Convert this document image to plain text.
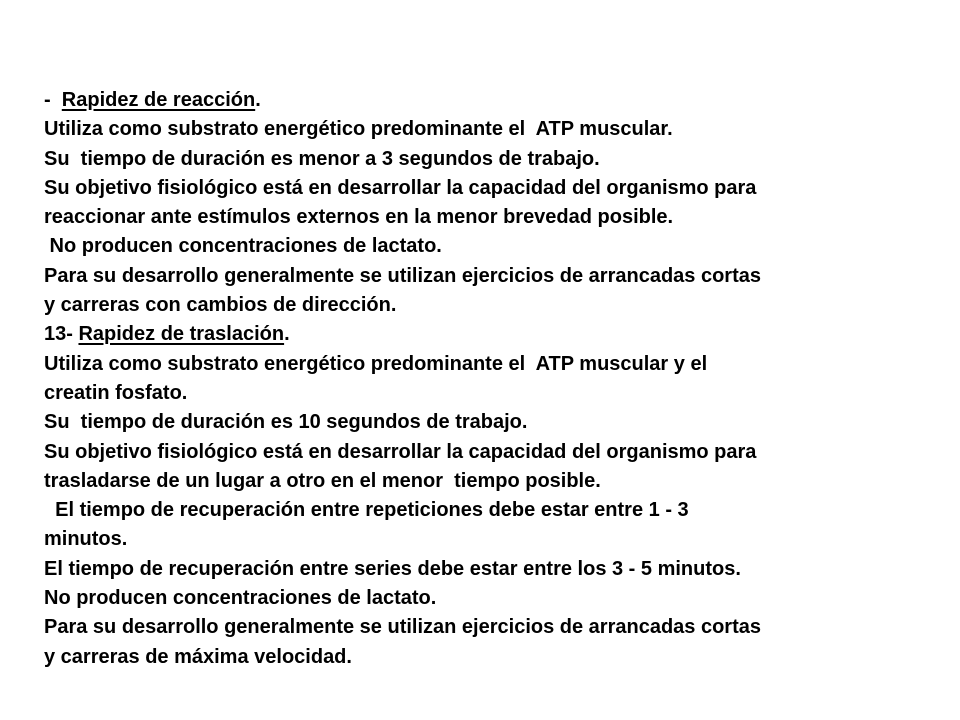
-  Rapidez de reacción.
Utiliza como substrato energético predominante el  ATP muscular.
Su  tiempo de duración es menor a 3 segundos de trabajo.
Su objetivo fisiológico está en desarrollar la capacidad del organismo para
reaccionar ante estímulos externos en la menor brevedad posible.
No producen concentraciones de lactato.
Para su desarrollo generalmente se utilizan ejercicios de arrancadas cortas
y carreras con cambios de dirección.
13- Rapidez de traslación.
Utiliza como substrato energético predominante el  ATP muscular y el
creatin fosfato.
Su  tiempo de duración es 10 segundos de trabajo.
Su objetivo fisiológico está en desarrollar la capacidad del organismo para
trasladarse de un lugar a otro en el menor  tiempo posible.
El tiempo de recuperación entre repeticiones debe estar entre 1 - 3
minutos.
El tiempo de recuperación entre series debe estar entre los 3 - 5 minutos.
No producen concentraciones de lactato.
Para su desarrollo generalmente se utilizan ejercicios de arrancadas cortas
y carreras de máxima velocidad.
